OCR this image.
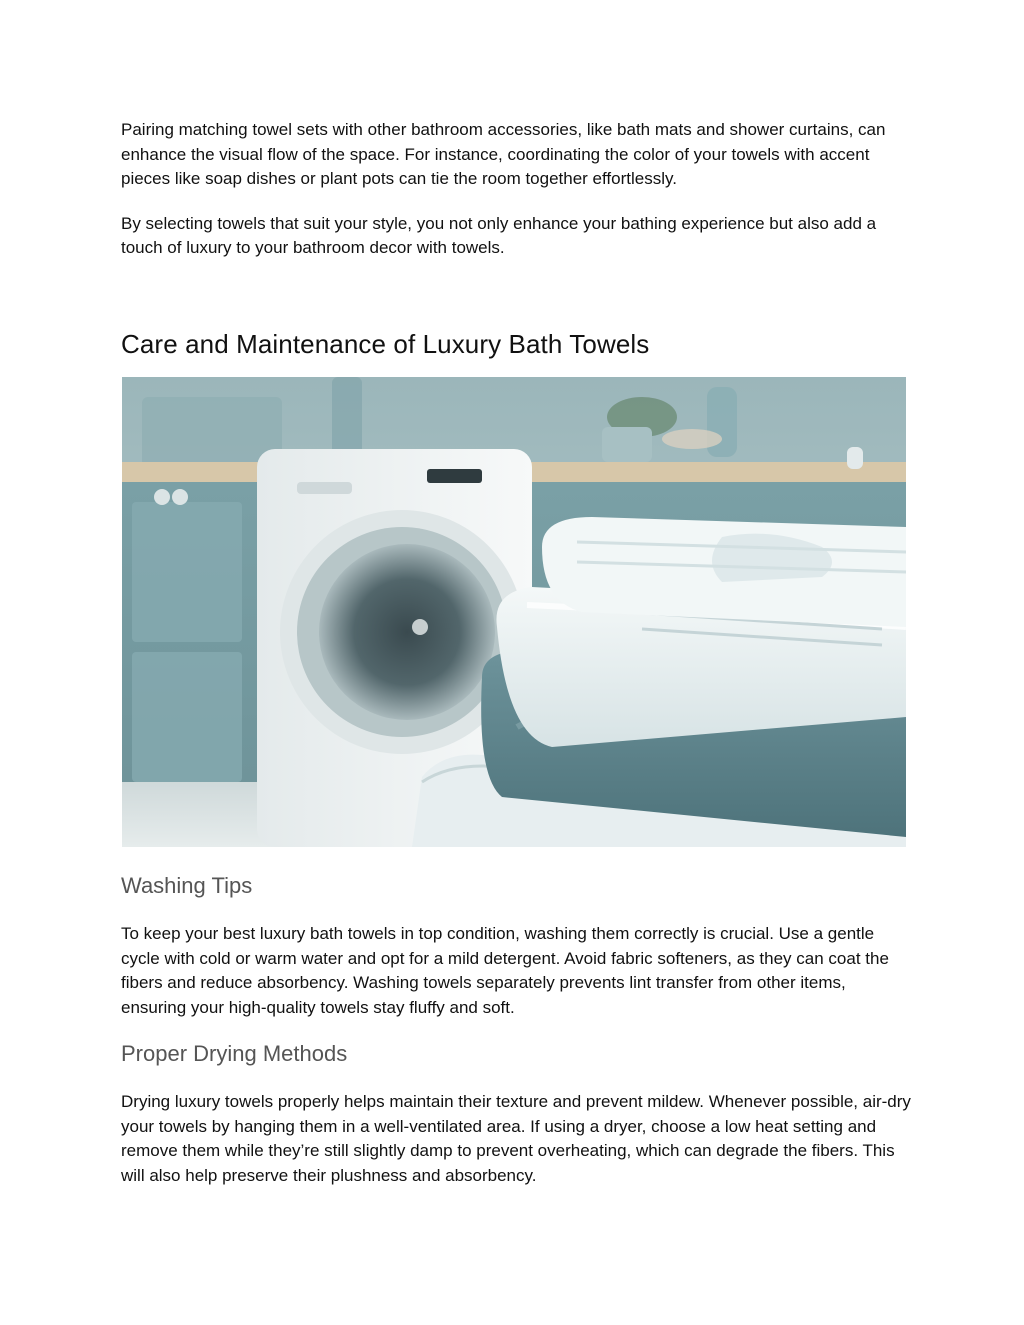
Pairing matching towel sets with other bathroom accessories, like bath mats and shower curtains, can enhance the visual flow of the space. For instance, coordinating the color of your towels with accent pieces like soap dishes or plant pots can tie the room together effortlessly.

By selecting towels that suit your style, you not only enhance your bathing experience but also add a touch of luxury to your bathroom decor with towels.

Care and Maintenance of Luxury Bath Towels
Washing Tips

To keep your best luxury bath towels in top condition, washing them correctly is crucial. Use a gentle cycle with cold or warm water and opt for a mild detergent. Avoid fabric softeners, as they can coat the fibers and reduce absorbency. Washing towels separately prevents lint transfer from other items, ensuring your high-quality towels stay fluffy and soft.

Proper Drying Methods

Drying luxury towels properly helps maintain their texture and prevent mildew. Whenever possible, air-dry your towels by hanging them in a well-ventilated area. If using a dryer, choose a low heat setting and remove them while they’re still slightly damp to prevent overheating, which can degrade the fibers. This will also help preserve their plushness and absorbency.
